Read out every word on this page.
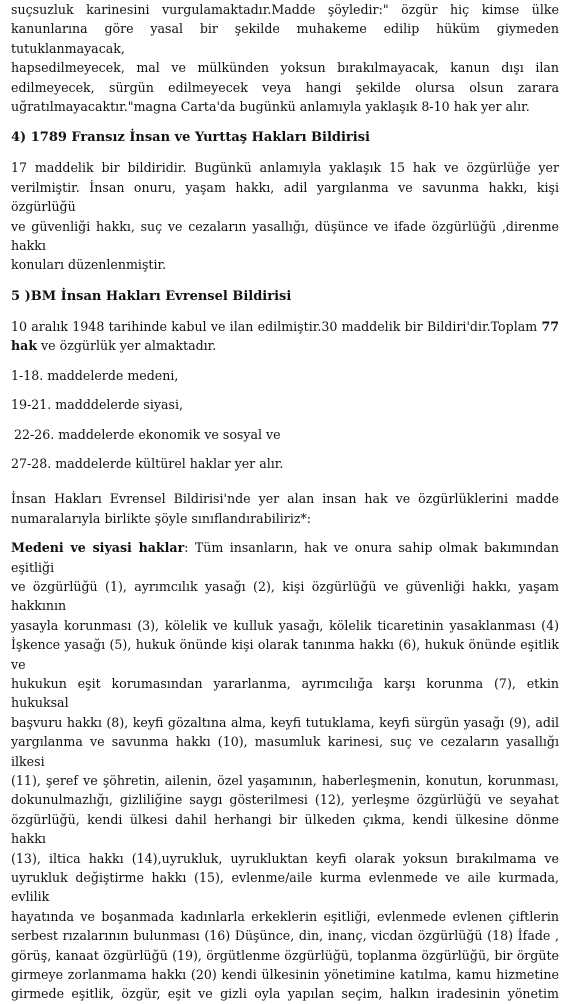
suçsuzluk karinesini vurgulamaktadır.Madde şöyledir:" özgür hiç kimse ülke

kanunlarına göre yasal bir şekilde muhakeme edilip hüküm giymeden tutuklanmayacak,

hapsedilmeyecek, mal ve mülkünden yoksun bırakılmayacak, kanun dışı ilan

edilmeyecek, sürgün edilmeyecek veya hangi şekilde olursa olsun zarara

uğratılmayacaktır."magna Carta'da bugünkü anlamıyla yaklaşık 8-10 hak yer alır.

4) 1789 Fransız İnsan ve Yurttaş Hakları Bildirisi

17 maddelik bir bildiridir. Bugünkü anlamıyla yaklaşık 15 hak ve özgürlüğe yer

verilmiştir. İnsan onuru, yaşam hakkı, adil yargılanma ve savunma hakkı, kişi özgürlüğü

ve güvenliği hakkı, suç ve cezaların yasallığı, düşünce ve ifade özgürlüğü ,direnme hakkı

konuları düzenlenmiştir.

5 )BM İnsan Hakları Evrensel Bildirisi

10 aralık 1948 tarihinde kabul ve ilan edilmiştir.30 maddelik bir Bildiri'dir.Toplam 77

hak ve özgürlük yer almaktadır.

1-18. maddelerde medeni,

19-21. madddelerde siyasi,

22-26. maddelerde ekonomik ve sosyal ve

27-28. maddelerde kültürel haklar yer alır.

İnsan Hakları Evrensel Bildirisi'nde yer alan insan hak ve özgürlüklerini madde

numaralarıyla birlikte şöyle sınıflandırabiliriz*:

Medeni ve siyasi haklar: Tüm insanların, hak ve onura sahip olmak bakımından eşitliği

ve özgürlüğü (1), ayrımcılık yasağı (2), kişi özgürlüğü ve güvenliği hakkı, yaşam hakkının

yasayla korunması (3), kölelik ve kulluk yasağı, kölelik ticaretinin yasaklanması (4)

İşkence yasağı (5), hukuk önünde kişi olarak tanınma hakkı (6), hukuk önünde eşitlik ve

hukukun eşit korumasından yararlanma, ayrımcılığa karşı korunma (7), etkin hukuksal

başvuru hakkı (8), keyfi gözaltına alma, keyfi tutuklama, keyfi sürgün yasağı (9), adil

yargılanma ve savunma hakkı (10), masumluk karinesi, suç ve cezaların yasallığı ilkesi

(11), şeref ve şöhretin, ailenin, özel yaşamının, haberleşmenin, konutun, korunması,

dokunulmazlığı, gizliliğine saygı gösterilmesi (12), yerleşme özgürlüğü ve seyahat

özgürlüğü, kendi ülkesi dahil herhangi bir ülkeden çıkma, kendi ülkesine dönme hakkı

(13), iltica hakkı (14),uyrukluk, uyrukluktan keyfi olarak yoksun bırakılmama ve

uyrukluk değiştirme hakkı (15), evlenme/aile kurma evlenmede ve aile kurmada, evlilik

hayatında ve boşanmada kadınlarla erkeklerin eşitliği, evlenmede evlenen çiftlerin

serbest rızalarının bulunması (16) Düşünce, din, inanç, vicdan özgürlüğü (18) İfade ,

görüş, kanaat özgürlüğü (19), örgütlenme özgürlüğü, toplanma özgürlüğü, bir örgüte

girmeye zorlanmama hakkı (20) kendi ülkesinin yönetimine katılma, kamu hizmetine

girmede eşitlik, özgür, eşit ve gizli oyla yapılan seçim, halkın iradesinin yönetim
